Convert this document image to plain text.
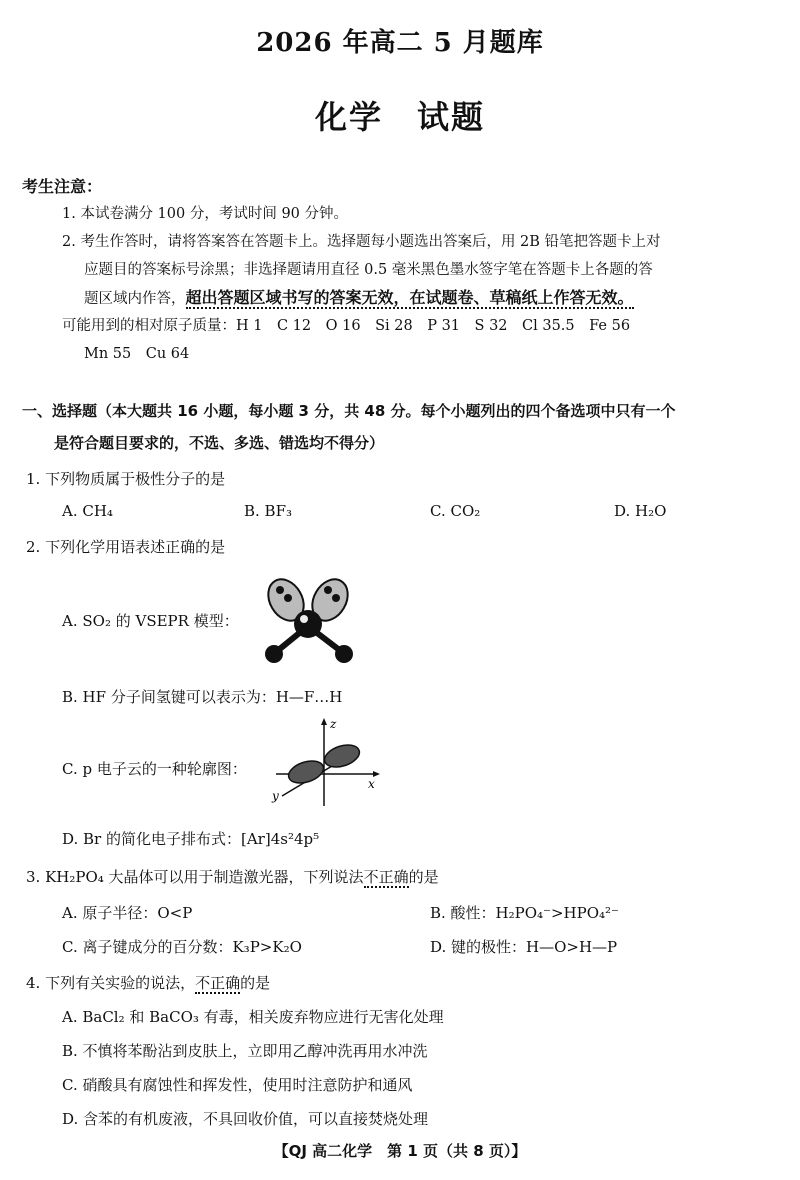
2026 年高二 5 月题库
化学　试题
考生注意：
1. 本试卷满分 100 分，考试时间 90 分钟。
2. 考生作答时，请将答案答在答题卡上。选择题每小题选出答案后，用 2B 铅笔把答题卡上对
应题目的答案标号涂黑；非选择题请用直径 0.5 毫米黑色墨水签字笔在答题卡上各题的答
题区域内作答，超出答题区域书写的答案无效，在试题卷、草稿纸上作答无效。
可能用到的相对原子质量：H 1　C 12　O 16　Si 28　P 31　S 32　Cl 35.5　Fe 56
Mn 55　Cu 64
一、选择题（本大题共 16 小题，每小题 3 分，共 48 分。每个小题列出的四个备选项中只有一个
是符合题目要求的，不选、多选、错选均不得分）
1. 下列物质属于极性分子的是
A. CH₄	B. BF₃	C. CO₂	D. H₂O
2. 下列化学用语表述正确的是
A. SO₂ 的 VSEPR 模型：
B. HF 分子间氢键可以表示为：H—F…H
C. p 电子云的一种轮廓图：
z
x
y
D. Br 的简化电子排布式：[Ar]4s²4p⁵
3. KH₂PO₄ 大晶体可以用于制造激光器，下列说法不正确的是
A. 原子半径：O<P	B. 酸性：H₂PO₄⁻>HPO₄²⁻
C. 离子键成分的百分数：K₃P>K₂O	D. 键的极性：H—O>H—P
4. 下列有关实验的说法，不正确的是
A. BaCl₂ 和 BaCO₃ 有毒，相关废弃物应进行无害化处理
B. 不慎将苯酚沾到皮肤上，立即用乙醇冲洗再用水冲洗
C. 硝酸具有腐蚀性和挥发性，使用时注意防护和通风
D. 含苯的有机废液，不具回收价值，可以直接焚烧处理
【QJ 高二化学　第 1 页（共 8 页）】
